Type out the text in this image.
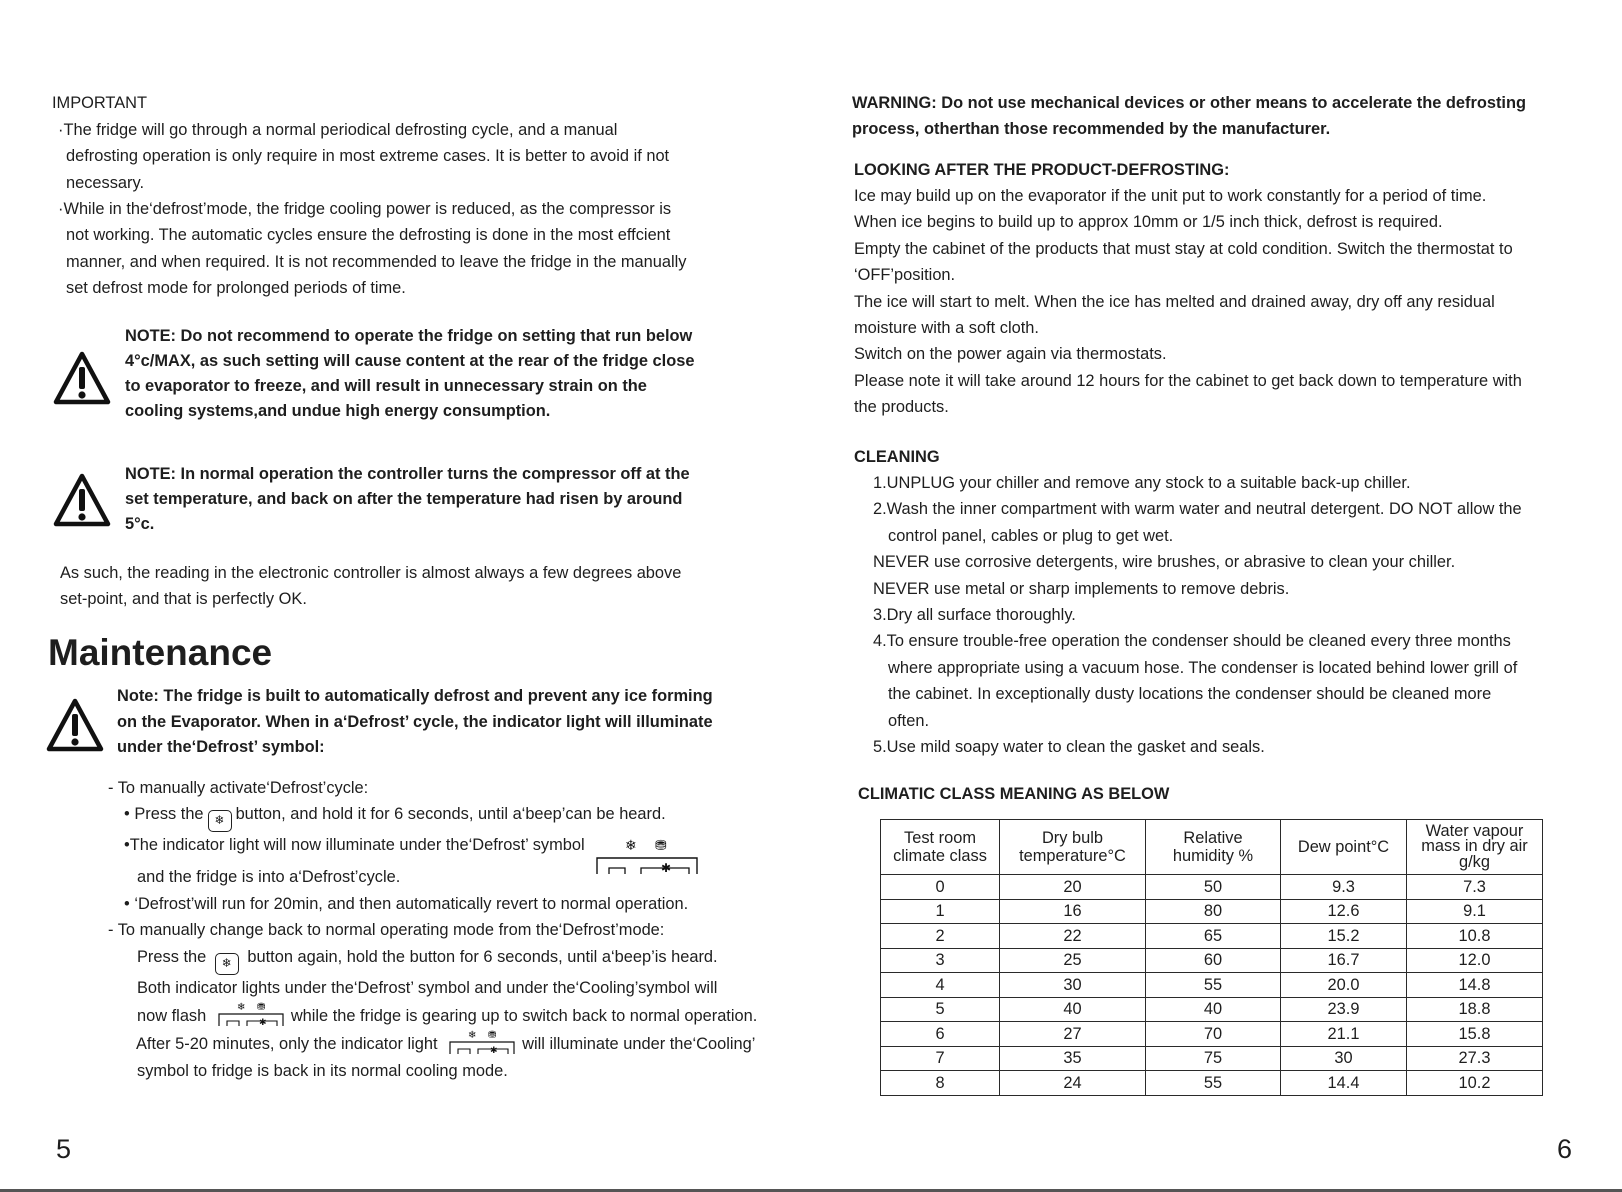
IMPORTANT

·The fridge will go through a normal periodical defrosting cycle, and a manual

defrosting operation is only require in most extreme cases. It is better to avoid if not

necessary.

·While in the‘defrost’mode, the fridge cooling power is reduced, as the compressor is

not working. The automatic cycles ensure the defrosting is done in the most effcient

manner, and when required. It is not recommended to leave the fridge in the manually

set defrost mode for prolonged periods of time.

NOTE: Do not recommend to operate the fridge on setting that run below

4°c/MAX, as such setting will cause content at the rear of the fridge close

to evaporator to freeze, and will result in unnecessary strain on the

cooling systems,and undue high energy consumption.

NOTE: In normal operation the controller turns the compressor off at the

set temperature, and back on after the temperature had risen by around

5°c.

As such, the reading in the electronic controller is almost always a few degrees above

set-point, and that is perfectly OK.

Maintenance

Note: The fridge is built to automatically defrost and prevent any ice forming

on the Evaporator. When in a‘Defrost’ cycle, the indicator light will illuminate

under the‘Defrost’ symbol:

- To manually activate‘Defrost’cycle:

• Press the ❄ button, and hold it for 6 seconds, until a‘beep’can be heard.

•The indicator light will now illuminate under the‘Defrost’ symbol	❄ ⛃
✱

and the fridge is into a‘Defrost’cycle.

• ‘Defrost’will run for 20min, and then automatically revert to normal operation.

- To manually change back to normal operating mode from the‘Defrost’mode:

Press the ❄ button again, hold the button for 6 seconds, until a‘beep’is heard.

Both indicator lights under the‘Defrost’ symbol and under the‘Cooling’symbol will

now flash	❄ ⛃
✱ while the fridge is gearing up to switch back to normal operation.

After 5-20 minutes, only the indicator light	❄ ⛃
✱ will illuminate under the‘Cooling’

symbol to fridge is back in its normal cooling mode.

5

WARNING: Do not use mechanical devices or other means to accelerate the defrosting

process, otherthan those recommended by the manufacturer.

LOOKING AFTER THE PRODUCT-DEFROSTING:

Ice may build up on the evaporator if the unit put to work constantly for a period of time.

When ice begins to build up to approx 10mm or 1/5 inch thick, defrost is required.

Empty the cabinet of the products that must stay at cold condition. Switch the thermostat to

‘OFF’position.

The ice will start to melt. When the ice has melted and drained away, dry off any residual

moisture with a soft cloth.

Switch on the power again via thermostats.

Please note it will take around 12 hours for the cabinet to get back down to temperature with

the products.

CLEANING

1.UNPLUG your chiller and remove any stock to a suitable back-up chiller.

2.Wash the inner compartment with warm water and neutral detergent. DO NOT allow the

control panel, cables or plug to get wet.

NEVER use corrosive detergents, wire brushes, or abrasive to clean your chiller.

NEVER use metal or sharp implements to remove debris.

3.Dry all surface thoroughly.

4.To ensure trouble-free operation the condenser should be cleaned every three months

where appropriate using a vacuum hose. The condenser is located behind lower grill of

the cabinet. In exceptionally dusty locations the condenser should be cleaned more

often.

5.Use mild soapy water to clean the gasket and seals.

CLIMATIC CLASS MEANING AS BELOW

Test room
climate class	Dry bulb
temperature°C	Relative
humidity %	Dew point°C	Water vapour
mass in dry air
g/kg
0	20	50	9.3	7.3
1	16	80	12.6	9.1
2	22	65	15.2	10.8
3	25	60	16.7	12.0
4	30	55	20.0	14.8
5	40	40	23.9	18.8
6	27	70	21.1	15.8
7	35	75	30	27.3
8	24	55	14.4	10.2

6
